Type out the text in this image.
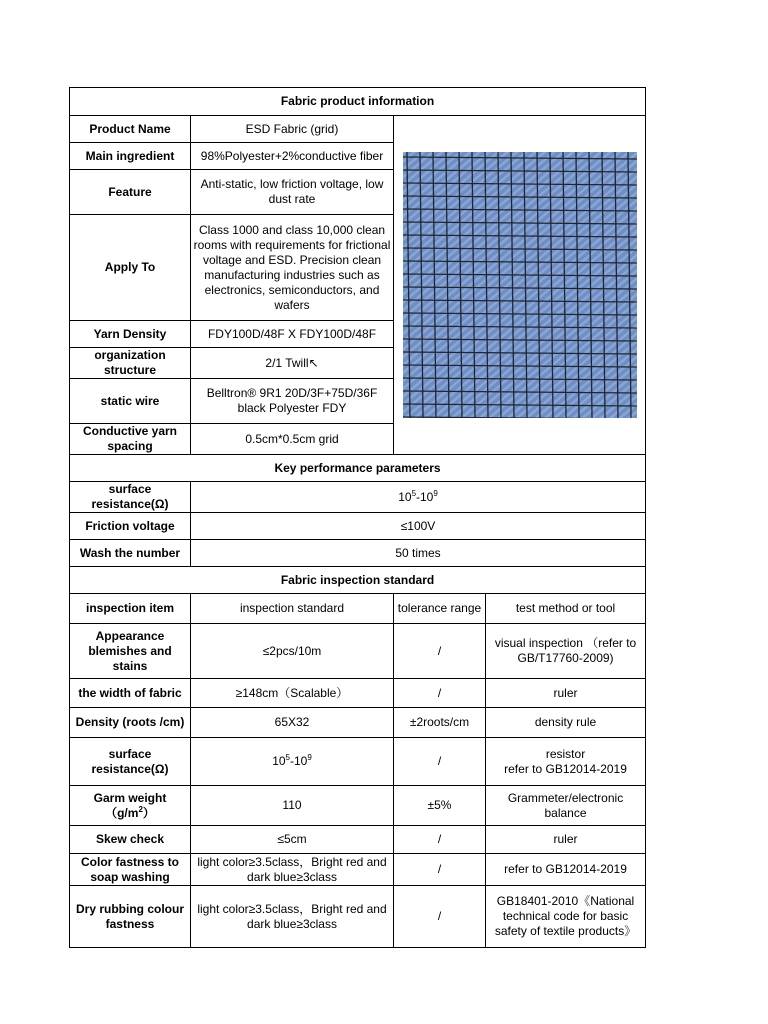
Fabric product information			
Product Name	ESD Fabric (grid)	

Main ingredient	98%Polyester+2%conductive fiber		
Feature	Anti-static, low friction voltage, low dust rate		
Apply To	Class 1000 and class 10,000 clean rooms with requirements for frictional voltage and ESD. Precision clean manufacturing industries such as electronics, semiconductors, and wafers		
Yarn Density	FDY100D/48F X FDY100D/48F		
organization structure	2/1 Twill↖		
static wire	Belltron® 9R1 20D/3F+75D/36F black Polyester FDY		
Conductive yarn spacing	0.5cm*0.5cm grid		
Key performance parameters			
surface resistance(Ω)	$10^5-10^9$
Friction voltage	≤100V		
Wash the number	50 times		
Fabric inspection standard			
inspection item	inspection standard	tolerance range	test method or tool
Appearance blemishes and stains	≤2pcs/10m	/	visual inspection （refer to GB/T17760-2009)
the width of fabric	≥148cm（Scalable）	/	ruler
Density (roots /cm)	65X32	±2roots/cm	density rule
surface resistance(Ω)	$10^5-10^9$	/	resistor
refer to GB12014-2019
Garm weight
$(g/m^2)$	110	±5%	Grammeter/electronic balance
Skew check	≤5cm	/	ruler
Color fastness to soap washing	light color≥3.5class，Bright red and dark blue≥3class	/	refer to GB12014-2019
Dry rubbing colour fastness	light color≥3.5class，Bright red and dark blue≥3class	/	GB18401-2010《National technical code for basic safety of textile products》
